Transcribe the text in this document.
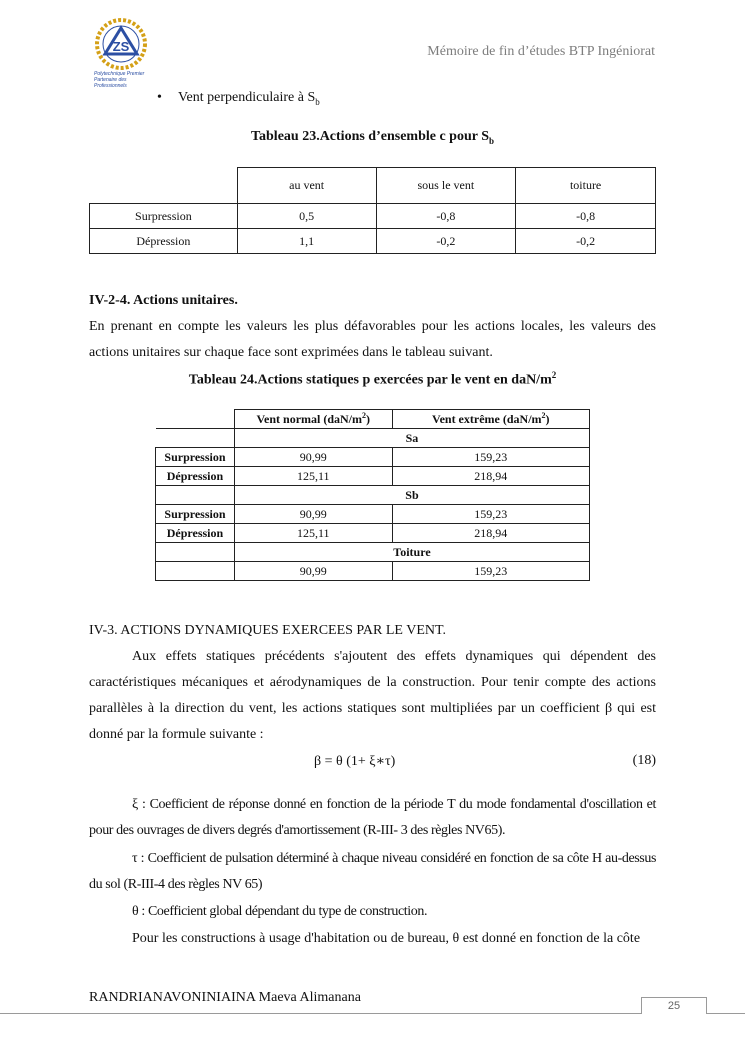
ZS
Polytechnique Premier Partenaire des Professionnels
Mémoire de fin d’études BTP Ingéniorat
• Vent perpendiculaire à $S_b$
Tableau 23.Actions d’ensemble c pour $S_b$
	au vent	sous le vent	toiture
Surpression	0,5	-0,8	-0,8
Dépression	1,1	-0,2	-0,2
IV-2-4. Actions unitaires.
En prenant en compte les valeurs les plus défavorables pour les actions locales, les valeurs des actions unitaires sur chaque face sont exprimées dans le tableau suivant.
Tableau 24.Actions statiques p exercées par le vent en daN/$m^2$
	Vent normal $(daN/m^2)$	Vent extrême $(daN/m^2)$
	Sa	
Surpression	90,99	159,23
Dépression	125,11	218,94
	Sb	
Surpression	90,99	159,23
Dépression	125,11	218,94
	Toiture	
	90,99	159,23
IV-3. ACTIONS DYNAMIQUES EXERCEES PAR LE VENT.
Aux effets statiques précédents s'ajoutent des effets dynamiques qui dépendent des caractéristiques mécaniques et aérodynamiques de la construction. Pour tenir compte des actions parallèles à la direction du vent, les actions statiques sont multipliées par un coefficient β qui est donné par la formule suivante :
β = θ (1+ ξ∗τ)	(18)
ξ : Coefficient de réponse donné en fonction de la période T du mode fondamental d'oscillation et pour des ouvrages de divers degrés d'amortissement (R-III- 3 des règles NV65).
τ : Coefficient de pulsation déterminé à chaque niveau considéré en fonction de sa côte H au-dessus du sol (R-III-4 des règles NV 65)
θ : Coefficient global dépendant du type de construction.
Pour les constructions à usage d'habitation ou de bureau, θ est donné en fonction de la côte
RANDRIANAVONINIAINA Maeva Alimanana
25
